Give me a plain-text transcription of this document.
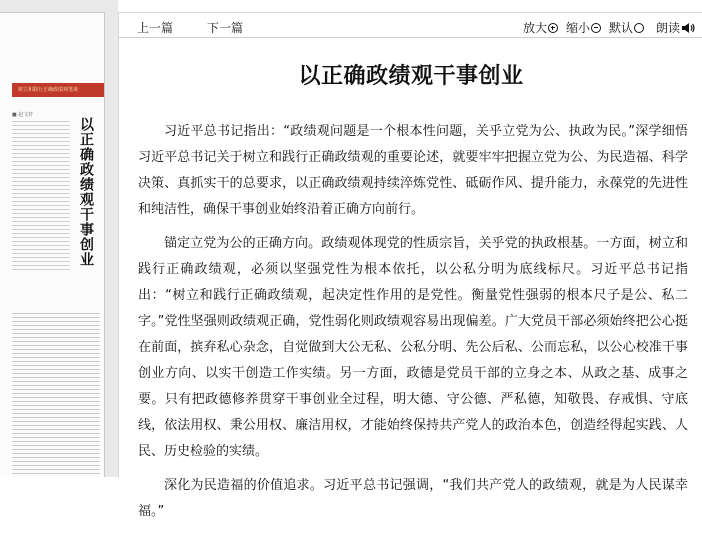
树立和践行正确政绩观笔谈
■ 赵文轩
以正确政绩观干事创业
上一篇	下一篇	放大 缩小 默认 朗读
以正确政绩观干事创业

习近平总书记指出：“政绩观问题是一个根本性问题，关乎立党为公、执政为民。”深学细悟习近平总书记关于树立和践行正确政绩观的重要论述，就要牢牢把握立党为公、为民造福、科学决策、真抓实干的总要求，以正确政绩观持续淬炼党性、砥砺作风、提升能力，永葆党的先进性和纯洁性，确保干事创业始终沿着正确方向前行。

锚定立党为公的正确方向。政绩观体现党的性质宗旨，关乎党的执政根基。一方面，树立和践行正确政绩观，必须以坚强党性为根本依托，以公私分明为底线标尺。习近平总书记指出：“树立和践行正确政绩观，起决定性作用的是党性。衡量党性强弱的根本尺子是公、私二字。”党性坚强则政绩观正确，党性弱化则政绩观容易出现偏差。广大党员干部必须始终把公心挺在前面，摈弃私心杂念，自觉做到大公无私、公私分明、先公后私、公而忘私，以公心校准干事创业方向、以实干创造工作实绩。另一方面，政德是党员干部的立身之本、从政之基、成事之要。只有把政德修养贯穿干事创业全过程，明大德、守公德、严私德，知敬畏、存戒惧、守底线，依法用权、秉公用权、廉洁用权，才能始终保持共产党人的政治本色，创造经得起实践、人民、历史检验的实绩。

深化为民造福的价值追求。习近平总书记强调，“我们共产党人的政绩观，就是为人民谋幸福。”
